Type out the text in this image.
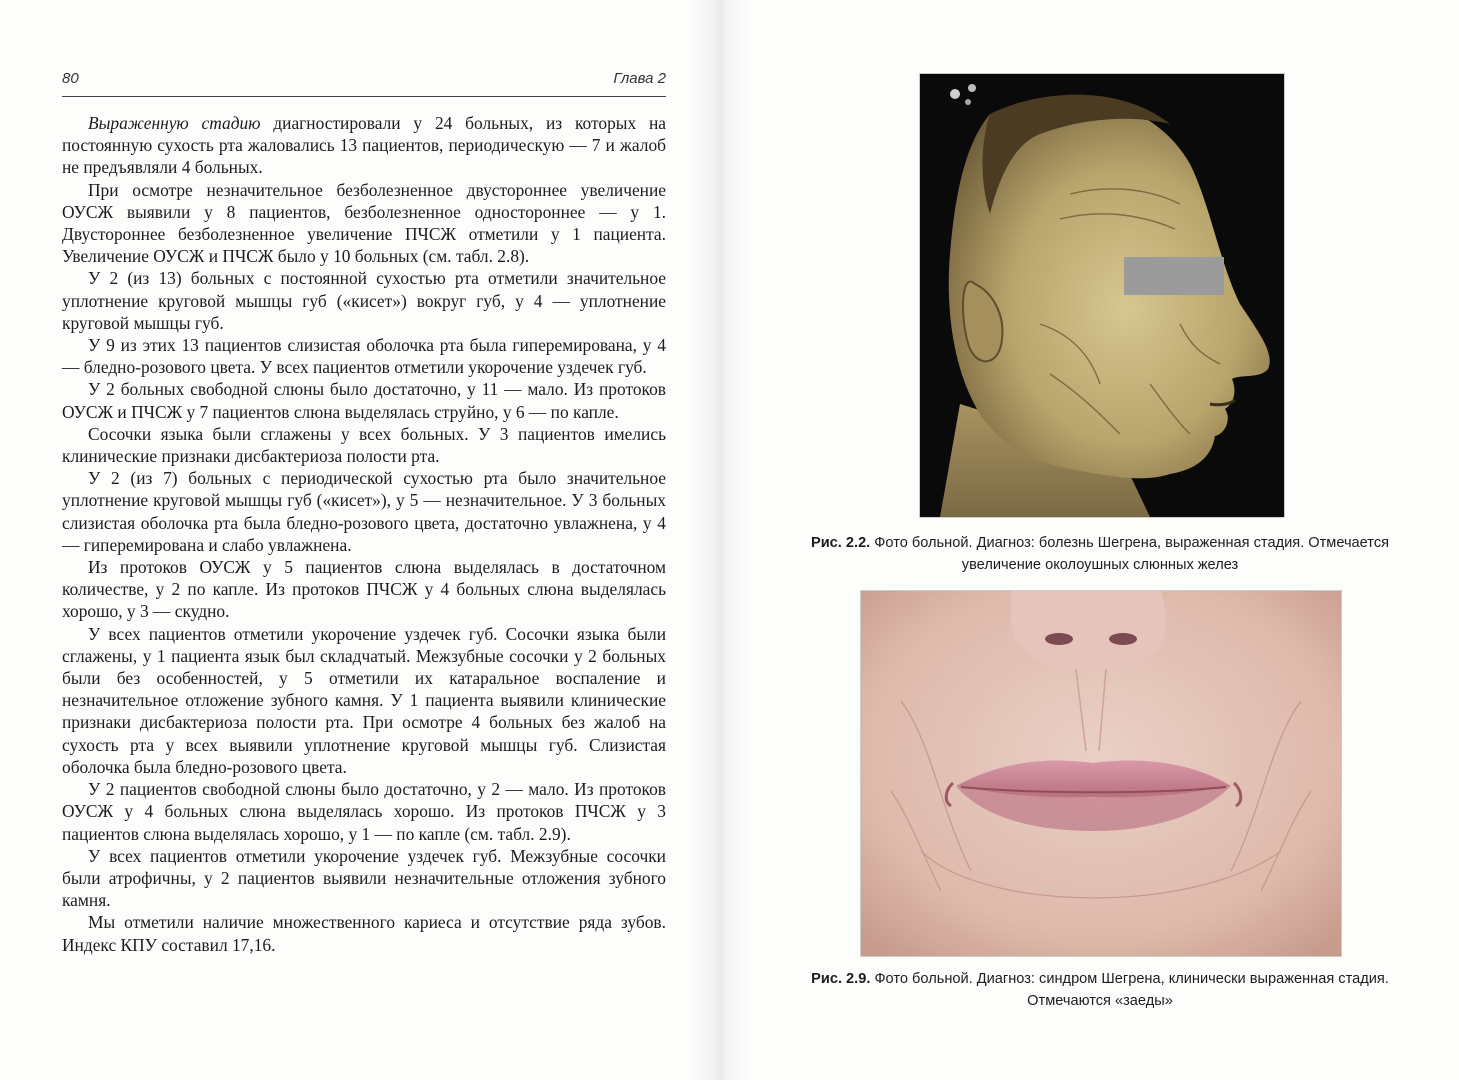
80	Глава 2

Выраженную стадию диагностировали у 24 больных, из которых на постоянную сухость рта жаловались 13 пациентов, периодическую — 7 и жалоб не предъявляли 4 больных.

При осмотре незначительное безболезненное двустороннее увеличение ОУСЖ выявили у 8 пациентов, безболезненное одностороннее — у 1. Двустороннее безболезненное увеличение ПЧСЖ отметили у 1 пациента. Увеличение ОУСЖ и ПЧСЖ было у 10 больных (см. табл. 2.8).

У 2 (из 13) больных с постоянной сухостью рта отметили значительное уплотнение круговой мышцы губ («кисет») вокруг губ, у 4 — уплотнение круговой мышцы губ.

У 9 из этих 13 пациентов слизистая оболочка рта была гиперемирована, у 4 — бледно-розового цвета. У всех пациентов отметили укорочение уздечек губ.

У 2 больных свободной слюны было достаточно, у 11 — мало. Из протоков ОУСЖ и ПЧСЖ у 7 пациентов слюна выделялась струйно, у 6 — по капле.

Сосочки языка были сглажены у всех больных. У 3 пациентов имелись клинические признаки дисбактериоза полости рта.

У 2 (из 7) больных с периодической сухостью рта было значительное уплотнение круговой мышцы губ («кисет»), у 5 — незначительное. У 3 больных слизистая оболочка рта была бледно-розового цвета, достаточно увлажнена, у 4 — гиперемирована и слабо увлажнена.

Из протоков ОУСЖ у 5 пациентов слюна выделялась в достаточном количестве, у 2 по капле. Из протоков ПЧСЖ у 4 больных слюна выделялась хорошо, у 3 — скудно.

У всех пациентов отметили укорочение уздечек губ. Сосочки языка были сглажены, у 1 пациента язык был складчатый. Межзубные сосочки у 2 больных были без особенностей, у 5 отметили их катаральное воспаление и незначительное отложение зубного камня. У 1 пациента выявили клинические признаки дисбактериоза полости рта. При осмотре 4 больных без жалоб на сухость рта у всех выявили уплотнение круговой мышцы губ. Слизистая оболочка была бледно-розового цвета.

У 2 пациентов свободной слюны было достаточно, у 2 — мало. Из протоков ОУСЖ у 4 больных слюна выделялась хорошо. Из протоков ПЧСЖ у 3 пациентов слюна выделялась хорошо, у 1 — по капле (см. табл. 2.9).

У всех пациентов отметили укорочение уздечек губ. Межзубные сосочки были атрофичны, у 2 пациентов выявили незначительные отложения зубного камня.

Мы отметили наличие множественного кариеса и отсутствие ряда зубов. Индекс КПУ составил 17,16.

Рис. 2.2. Фото больной. Диагноз: болезнь Шегрена, выраженная стадия. Отмечается увеличение околоушных слюнных желез
Рис. 2.9. Фото больной. Диагноз: синдром Шегрена, клинически выраженная стадия. Отмечаются «заеды»
